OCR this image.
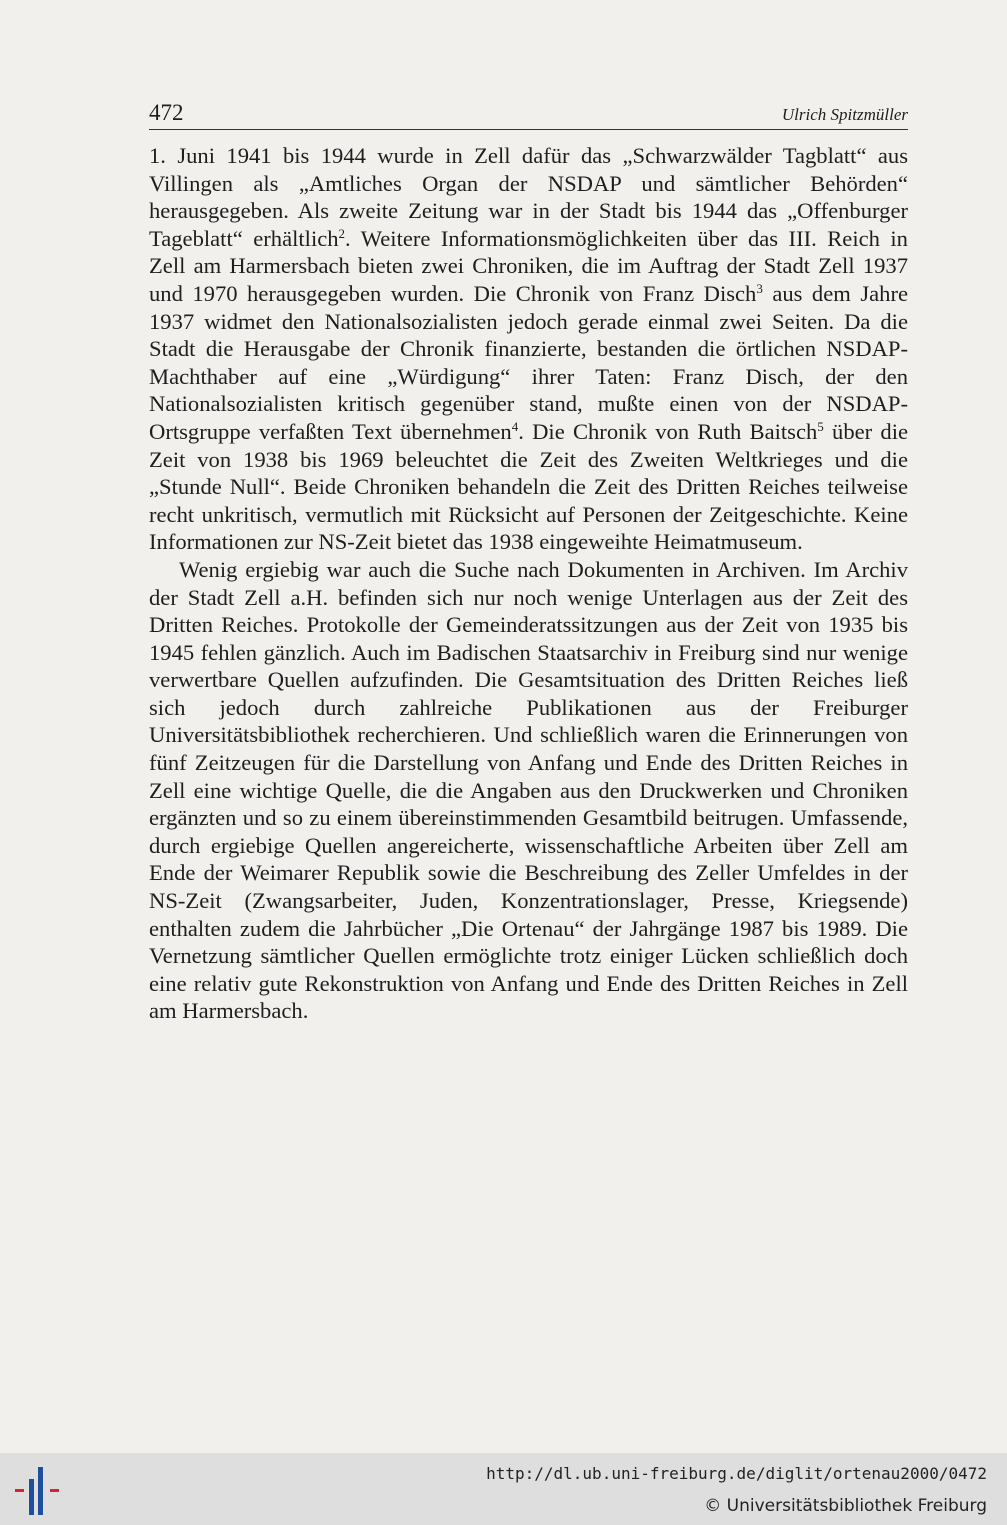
472	Ulrich Spitzmüller

1. Juni 1941 bis 1944 wurde in Zell dafür das „Schwarzwälder Tagblatt“ aus Villingen als „Amtliches Organ der NSDAP und sämtlicher Behörden“ herausgegeben. Als zweite Zeitung war in der Stadt bis 1944 das „Offenburger Tageblatt“ erhältlich$^2$. Weitere Informationsmöglichkeiten über das III. Reich in Zell am Harmersbach bieten zwei Chroniken, die im Auftrag der Stadt Zell 1937 und 1970 herausgegeben wurden. Die Chronik von Franz Disch$^3$ aus dem Jahre 1937 widmet den Nationalsozialisten jedoch gerade einmal zwei Seiten. Da die Stadt die Herausgabe der Chronik finanzierte, bestanden die örtlichen NSDAP-Machthaber auf eine „Würdigung“ ihrer Taten: Franz Disch, der den Nationalsozialisten kritisch gegenüber stand, mußte einen von der NSDAP-Ortsgruppe verfaßten Text übernehmen$^4$. Die Chronik von Ruth Baitsch$^5$ über die Zeit von 1938 bis 1969 beleuchtet die Zeit des Zweiten Weltkrieges und die „Stunde Null“. Beide Chroniken behandeln die Zeit des Dritten Reiches teilweise recht unkritisch, vermutlich mit Rücksicht auf Personen der Zeitgeschichte. Keine Informationen zur NS-Zeit bietet das 1938 eingeweihte Heimatmuseum.

Wenig ergiebig war auch die Suche nach Dokumenten in Archiven. Im Archiv der Stadt Zell a.H. befinden sich nur noch wenige Unterlagen aus der Zeit des Dritten Reiches. Protokolle der Gemeinderatssitzungen aus der Zeit von 1935 bis 1945 fehlen gänzlich. Auch im Badischen Staatsarchiv in Freiburg sind nur wenige verwertbare Quellen aufzufinden. Die Gesamtsituation des Dritten Reiches ließ sich jedoch durch zahlreiche Publikationen aus der Freiburger Universitätsbibliothek recherchieren. Und schließlich waren die Erinnerungen von fünf Zeitzeugen für die Darstellung von Anfang und Ende des Dritten Reiches in Zell eine wichtige Quelle, die die Angaben aus den Druckwerken und Chroniken ergänzten und so zu einem übereinstimmenden Gesamtbild beitrugen. Umfassende, durch ergiebige Quellen angereicherte, wissenschaftliche Arbeiten über Zell am Ende der Weimarer Republik sowie die Beschreibung des Zeller Umfeldes in der NS-Zeit (Zwangsarbeiter, Juden, Konzentrationslager, Presse, Kriegsende) enthalten zudem die Jahrbücher „Die Ortenau“ der Jahrgänge 1987 bis 1989. Die Vernetzung sämtlicher Quellen ermöglichte trotz einiger Lücken schließlich doch eine relativ gute Rekonstruktion von Anfang und Ende des Dritten Reiches in Zell am Harmersbach.

http://dl.ub.uni-freiburg.de/diglit/ortenau2000/0472
© Universitätsbibliothek Freiburg
